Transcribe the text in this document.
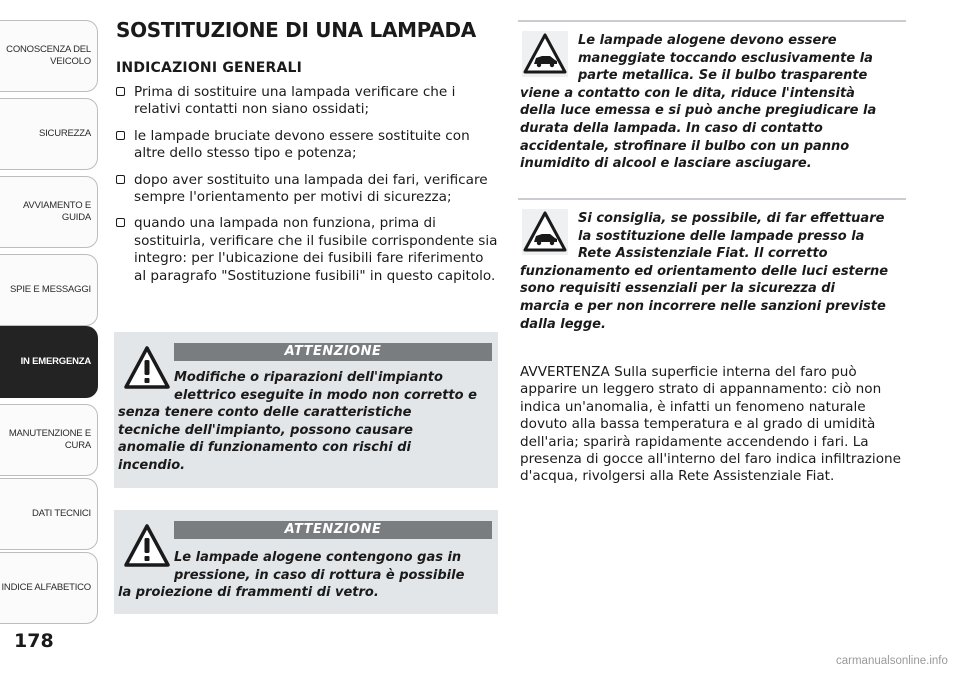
CONOSCENZA DEL
VEICOLO
SICUREZZA
AVVIAMENTO E
GUIDA
SPIE E MESSAGGI
IN EMERGENZA
MANUTENZIONE E
CURA
DATI TECNICI
INDICE ALFABETICO
178
SOSTITUZIONE DI UNA LAMPADA
INDICAZIONI GENERALI
Prima di sostituire una lampada verificare che i relativi contatti non siano ossidati;
le lampade bruciate devono essere sostituite con altre dello stesso tipo e potenza;
dopo aver sostituito una lampada dei fari, verificare sempre l'orientamento per motivi di sicurezza;
quando una lampada non funziona, prima di sostituirla, verificare che il fusibile corrispondente sia integro: per l'ubicazione dei fusibili fare riferimento al paragrafo "Sostituzione fusibili" in questo capitolo.
ATTENZIONE
Modifiche o riparazioni dell'impianto
elettrico eseguite in modo non corretto e
senza tenere conto delle caratteristiche
tecniche dell'impianto, possono causare
anomalie di funzionamento con rischi di
incendio.
ATTENZIONE
Le lampade alogene contengono gas in
pressione, in caso di rottura è possibile
la proiezione di frammenti di vetro.
Le lampade alogene devono essere
maneggiate toccando esclusivamente la
parte metallica. Se il bulbo trasparente
viene a contatto con le dita, riduce l'intensità
della luce emessa e si può anche pregiudicare la
durata della lampada. In caso di contatto
accidentale, strofinare il bulbo con un panno
inumidito di alcool e lasciare asciugare.
Si consiglia, se possibile, di far effettuare
la sostituzione delle lampade presso la
Rete Assistenziale Fiat. Il corretto
funzionamento ed orientamento delle luci esterne
sono requisiti essenziali per la sicurezza di
marcia e per non incorrere nelle sanzioni previste
dalla legge.

AVVERTENZA Sulla superficie interna del faro può apparire un leggero strato di appannamento: ciò non indica un'anomalia, è infatti un fenomeno naturale dovuto alla bassa temperatura e al grado di umidità dell'aria; sparirà rapidamente accendendo i fari. La presenza di gocce all'interno del faro indica infiltrazione d'acqua, rivolgersi alla Rete Assistenziale Fiat.

carmanualsonline.info
